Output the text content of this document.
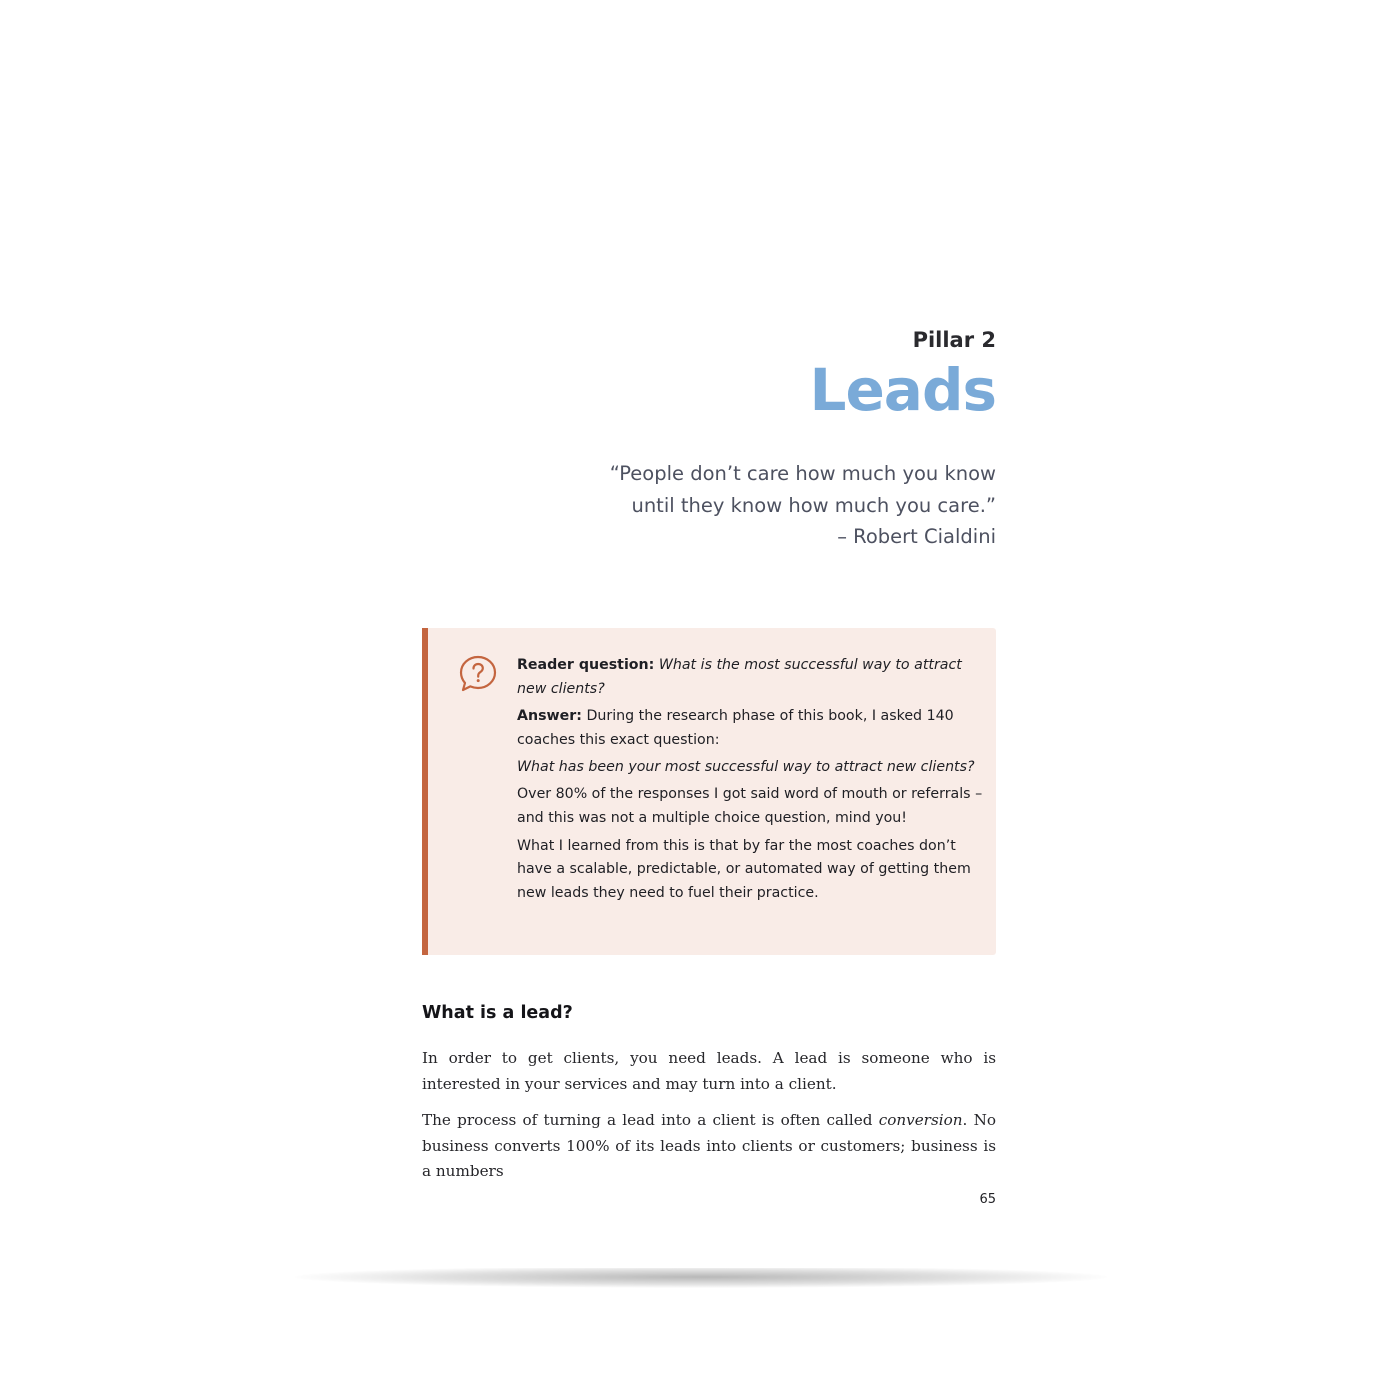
Pillar 2
Leads
“People don’t care how much you know
until they know how much you care.”
– Robert Cialdini

Reader question: What is the most successful way to attract new clients?

Answer: During the research phase of this book, I asked 140 coaches this exact question:

What has been your most successful way to attract new clients?

Over 80% of the responses I got said word of mouth or referrals – and this was not a multiple choice question, mind you!

What I learned from this is that by far the most coaches don’t have a scalable, predictable, or automated way of getting them new leads they need to fuel their practice.

What is a lead?

In order to get clients, you need leads. A lead is someone who is interested in your services and may turn into a client.

The process of turning a lead into a client is often called conversion. No business converts 100% of its leads into clients or customers; business is a numbers

65
